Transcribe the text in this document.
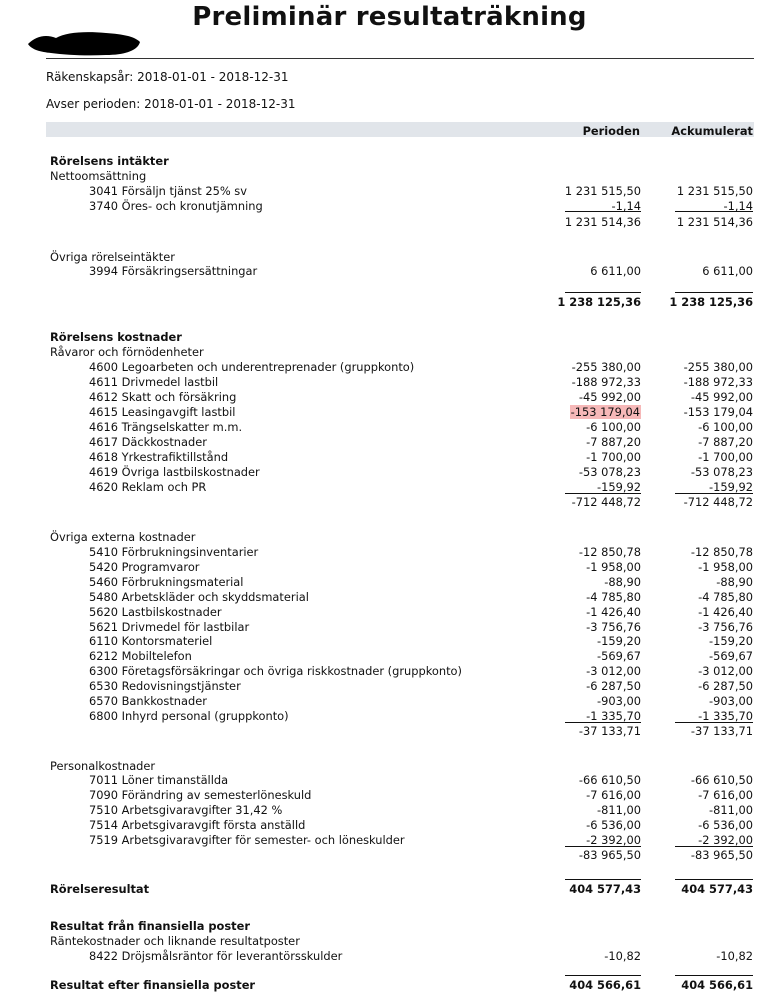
Preliminär resultaträkning
Räkenskapsår: 2018-01-01 - 2018-12-31
Avser perioden: 2018-01-01 - 2018-12-31
Perioden	Ackumulerat
Rörelsens intäkter
Nettoomsättning
3041 Försäljn tjänst 25% sv	1 231 515,50	1 231 515,50
3740 Öres- och kronutjämning	-1,14	-1,14
1 231 514,36	1 231 514,36
Övriga rörelseintäkter
3994 Försäkringsersättningar	6 611,00	6 611,00
1 238 125,36	1 238 125,36
Rörelsens kostnader
Råvaror och förnödenheter
4600 Legoarbeten och underentreprenader (gruppkonto)	-255 380,00	-255 380,00
4611 Drivmedel lastbil	-188 972,33	-188 972,33
4612 Skatt och försäkring	-45 992,00	-45 992,00
4615 Leasingavgift lastbil	-153 179,04	-153 179,04
4616 Trängselskatter m.m.	-6 100,00	-6 100,00
4617 Däckkostnader	-7 887,20	-7 887,20
4618 Yrkestrafiktillstånd	-1 700,00	-1 700,00
4619 Övriga lastbilskostnader	-53 078,23	-53 078,23
4620 Reklam och PR	-159,92	-159,92
-712 448,72	-712 448,72
Övriga externa kostnader
5410 Förbrukningsinventarier	-12 850,78	-12 850,78
5420 Programvaror	-1 958,00	-1 958,00
5460 Förbrukningsmaterial	-88,90	-88,90
5480 Arbetskläder och skyddsmaterial	-4 785,80	-4 785,80
5620 Lastbilskostnader	-1 426,40	-1 426,40
5621 Drivmedel för lastbilar	-3 756,76	-3 756,76
6110 Kontorsmateriel	-159,20	-159,20
6212 Mobiltelefon	-569,67	-569,67
6300 Företagsförsäkringar och övriga riskkostnader (gruppkonto)	-3 012,00	-3 012,00
6530 Redovisningstjänster	-6 287,50	-6 287,50
6570 Bankkostnader	-903,00	-903,00
6800 Inhyrd personal (gruppkonto)	-1 335,70	-1 335,70
-37 133,71	-37 133,71
Personalkostnader
7011 Löner timanställda	-66 610,50	-66 610,50
7090 Förändring av semesterlöneskuld	-7 616,00	-7 616,00
7510 Arbetsgivaravgifter 31,42 %	-811,00	-811,00
7514 Arbetsgivaravgift första anställd	-6 536,00	-6 536,00
7519 Arbetsgivaravgifter för semester- och löneskulder	-2 392,00	-2 392,00
-83 965,50	-83 965,50
Rörelseresultat	404 577,43	404 577,43
Resultat från finansiella poster
Räntekostnader och liknande resultatposter
8422 Dröjsmålsräntor för leverantörsskulder	-10,82	-10,82
Resultat efter finansiella poster	404 566,61	404 566,61
